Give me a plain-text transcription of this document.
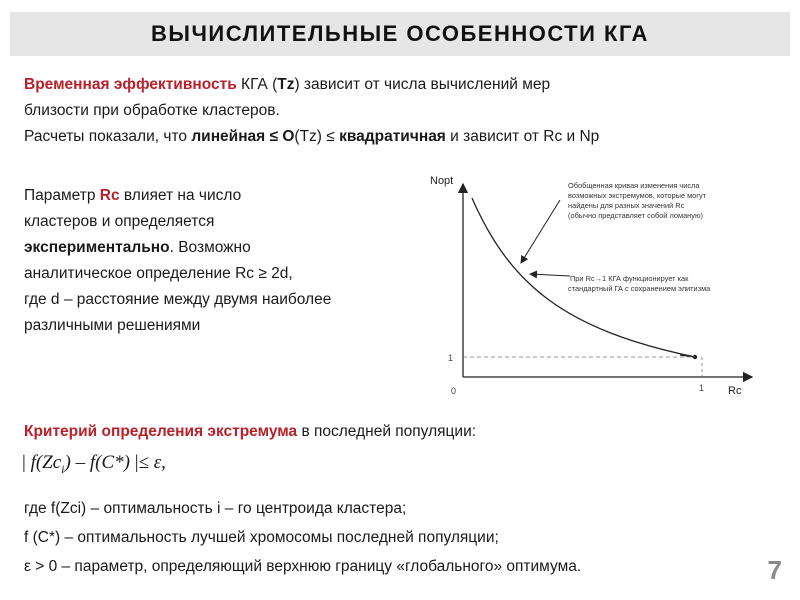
ВЫЧИСЛИТЕЛЬНЫЕ ОСОБЕННОСТИ КГА
Временная эффективность КГА (Tz) зависит от числа вычислений мер
близости при обработке кластеров.
Расчеты показали, что линейная ≤ O(Tz) ≤ квадратичная и зависит от Rc и Np
Параметр Rc влияет на число
кластеров и определяется
экспериментально. Возможно
аналитическое определение Rc ≥ 2d,
где d – расстояние между двумя наиболее
различными решениями
Nopt
Rc
0
1
1
Обобщенная кривая изменения числа
возможных экстремумов, которые могут
найдены для разных значений Rc
(обычно представляет собой ломаную)
При Rc→1 КГА функционирует как
стандартный ГА с сохранением элитизма
Критерий определения экстремума в последней популяции:
| $f(Zc_i) - f(C*)$ |≤ ε,
где f(Zci) – оптимальность i – го центроида кластера;
f (C*) – оптимальность лучшей хромосомы последней популяции;
ε > 0 – параметр, определяющий верхнюю границу «глобального» оптимума.	7
